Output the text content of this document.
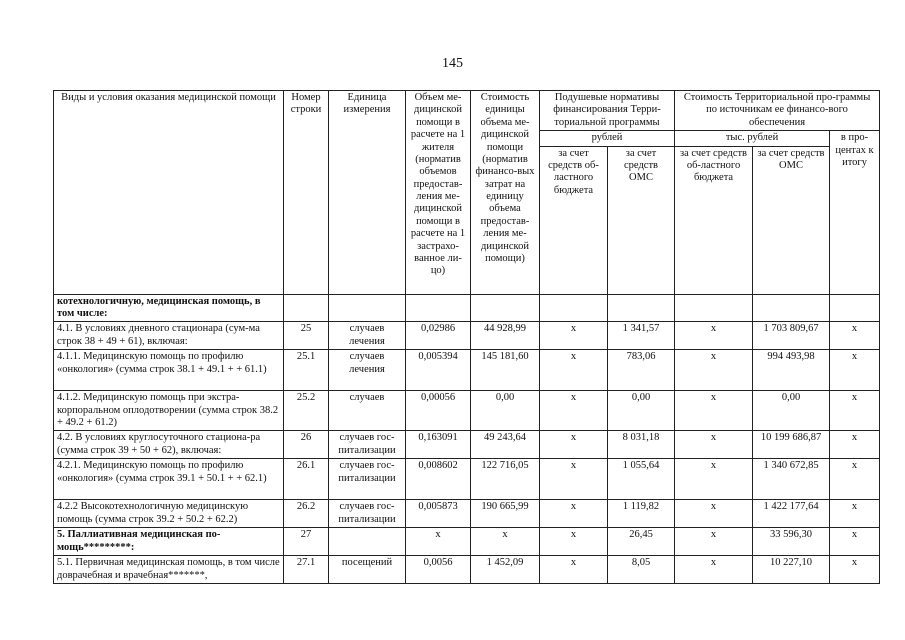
145
Виды и условия оказания медицинской помощи	Номер строки	Единица измерения	Объем ме-дицинской помощи в расчете на 1 жителя (норматив объемов предостав-ления ме-дицинской помощи в расчете на 1 застрахо-ванное ли-цо)	Стоимость единицы объема ме-дицинской помощи (норматив финансо-вых затрат на единицу объема предостав-ления ме-дицинской помощи)	Подушевые нормативы финансирования Терри-ториальной программы		Стоимость Территориальной про-граммы по источникам ее финансо-вого обеспечения		
					рублей		тыс. рублей		в про-центах к итогу
					за счет средств об-ластного бюджета	за счет средств ОМС	за счет средств об-ластного бюджета	за счет средств ОМС	

котехнологичную, медицинская помощь, в том числе:									
4.1. В условиях дневного стационара (сум-ма строк 38 + 49 + 61), включая:	25	случаев лечения	0,02986	44 928,99	х	1 341,57	х	1 703 809,67	х
4.1.1. Медицинскую помощь по профилю «онкология» (сумма строк 38.1 + 49.1 + + 61.1)	25.1	случаев лечения	0,005394	145 181,60	х	783,06	х	994 493,98	х
4.1.2. Медицинскую помощь при экстра-корпоральном оплодотворении (сумма строк 38.2 + 49.2 + 61.2)	25.2	случаев	0,00056	0,00	х	0,00	х	0,00	х
4.2. В условиях круглосуточного стациона-ра (сумма строк 39 + 50 + 62), включая:	26	случаев гос-питализации	0,163091	49 243,64	х	8 031,18	х	10 199 686,87	х
4.2.1. Медицинскую помощь по профилю «онкология» (сумма строк 39.1 + 50.1 + + 62.1)	26.1	случаев гос-питализации	0,008602	122 716,05	х	1 055,64	х	1 340 672,85	х
4.2.2 Высокотехнологичную медицинскую помощь (сумма строк 39.2 + 50.2 + 62.2)	26.2	случаев гос-питализации	0,005873	190 665,99	х	1 119,82	х	1 422 177,64	х
5. Паллиативная медицинская по-мощь*********:	27		х	х	х	26,45	х	33 596,30	х
5.1. Первичная медицинская помощь, в том числе доврачебная и врачебная*******,	27.1	посещений	0,0056	1 452,09	х	8,05	х	10 227,10	х
